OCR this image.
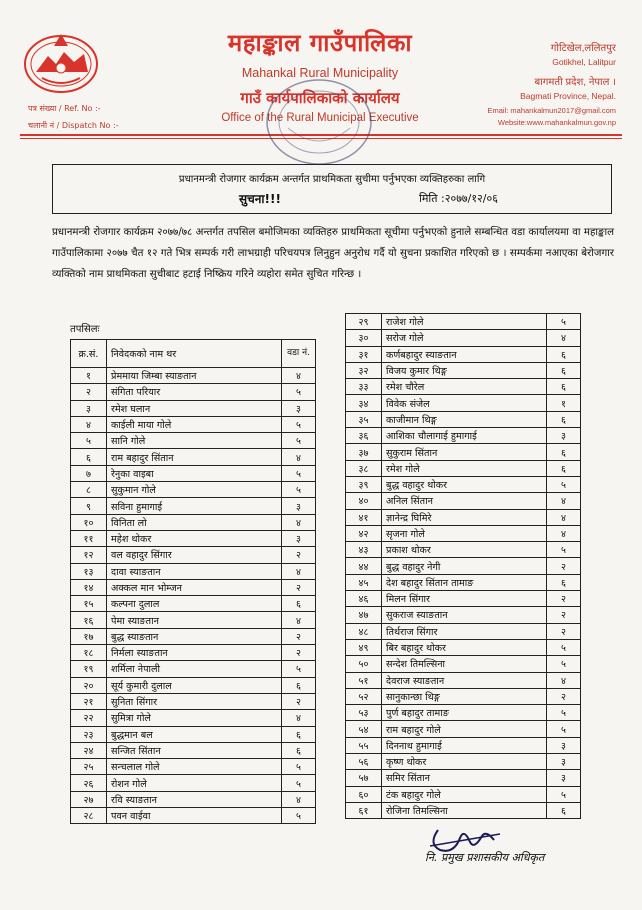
पत्र संख्या / Ref. No :-
चलानी नं / Dispatch No :-
महाङ्काल गाउँपालिका
Mahankal Rural Municipality
गाउँ कार्यपालिकाको कार्यालय
Office of the Rural Municipal Executive
गोटिखेल,ललितपुर
Gotikhel, Lalitpur
बागमती प्रदेश, नेपाल ।
Bagmati Province, Nepal.
Email: mahankalmun2017@gmail.com
Website:www.mahankalmun.gov.np
प्रधानमन्त्री रोजगार कार्यक्रम अन्तर्गत प्राथमिकता सुचीमा पर्नुभएका व्यक्तिहरुका लागि
सुचना!!!	मिति :२०७७/१२/०६
प्रधानमन्त्री रोजगार कार्यक्रम २०७७/७८ अन्तर्गत तपसिल बमोजिमका व्यक्तिहरु प्राथमिकता सूचीमा पर्नुभएको हुनाले सम्बन्धित वडा कार्यालयमा वा महाङ्काल गाउँपालिकामा २०७७ चैत १२ गते भित्र सम्पर्क गरी लाभग्राही परिचयपत्र लिनुहुन अनुरोध गर्दै यो सुचना प्रकाशित गरिएको छ । सम्पर्कमा नआएका बेरोजगार व्यक्तिको नाम प्राथमिकता सुचीबाट हटाई निष्क्रिय गरिने व्यहोरा समेत सुचित गरिन्छ ।
तपसिलः
क्र.सं.	निवेदकको नाम थर	वडा नं.
१	प्रेममाया जिम्बा स्याङतान	४
२	संगिता परियार	५
३	रमेश घलान	३
४	काईली माया गोले	५
५	सानि गोले	५
६	राम बहादुर सिंतान	४
७	रेनुका वाइबा	५
८	सुकुमान गोले	५
९	सविना हुमागाई	३
१०	विनिता लो	४
११	महेश थोकर	३
१२	वल वहादुर सिंगार	२
१३	दावा स्याङतान	४
१४	अक्कल मान भोम्जन	२
१५	कल्पना दुलाल	६
१६	पेमा स्याङतान	४
१७	बुद्ध स्याङतान	२
१८	निर्मला स्याङतान	२
१९	शर्मिला नेपाली	५
२०	सूर्य कुमारी दुलाल	६
२१	सुनिता सिंगार	२
२२	सुमित्रा गोले	४
२३	बुद्धमान बल	६
२४	सन्जित सिंतान	६
२५	सन्चलाल गोले	५
२६	रोशन गोले	५
२७	रवि स्याङतान	४
२८	पवन वाईवा	५
२९	राजेश गोले	५
३०	सरोज गोले	४
३१	कर्णबहादुर स्याङतान	६
३२	विजय कुमार थिङ्ग	६
३३	रमेश चौरेल	६
३४	विवेक संजेल	१
३५	काजीमान थिङ्ग	६
३६	आशिका चौलागाई हुमागाई	३
३७	सुकुराम सिंतान	६
३८	रमेश गोले	६
३९	बुद्ध वहादुर थोकर	५
४०	अनिल सिंतान	४
४१	ज्ञानेन्द्र घिमिरे	४
४२	सृजना गोले	४
४३	प्रकाश थोकर	५
४४	बुद्ध वहादुर नेगी	२
४५	देश बहादुर सिंतान तामाङ	६
४६	मिलन सिंगार	२
४७	सुकराज स्याङतान	२
४८	तिर्थराज सिंगार	२
४९	बिर बहादुर थोकर	५
५०	सन्देश तिमल्सिना	५
५१	देवराज स्याङतान	४
५२	सानुकान्छा थिङ्ग	२
५३	पुर्ण बहादुर तामाङ	५
५४	राम बहादुर गोले	५
५५	दिननाथ हुमागाई	३
५६	कृष्ण थोकर	३
५७	समिर सिंतान	३
६०	टंक बहादुर गोले	५
६१	रोजिना तिमल्सिना	६
नि. प्रमुख प्रशासकीय अधिकृत
